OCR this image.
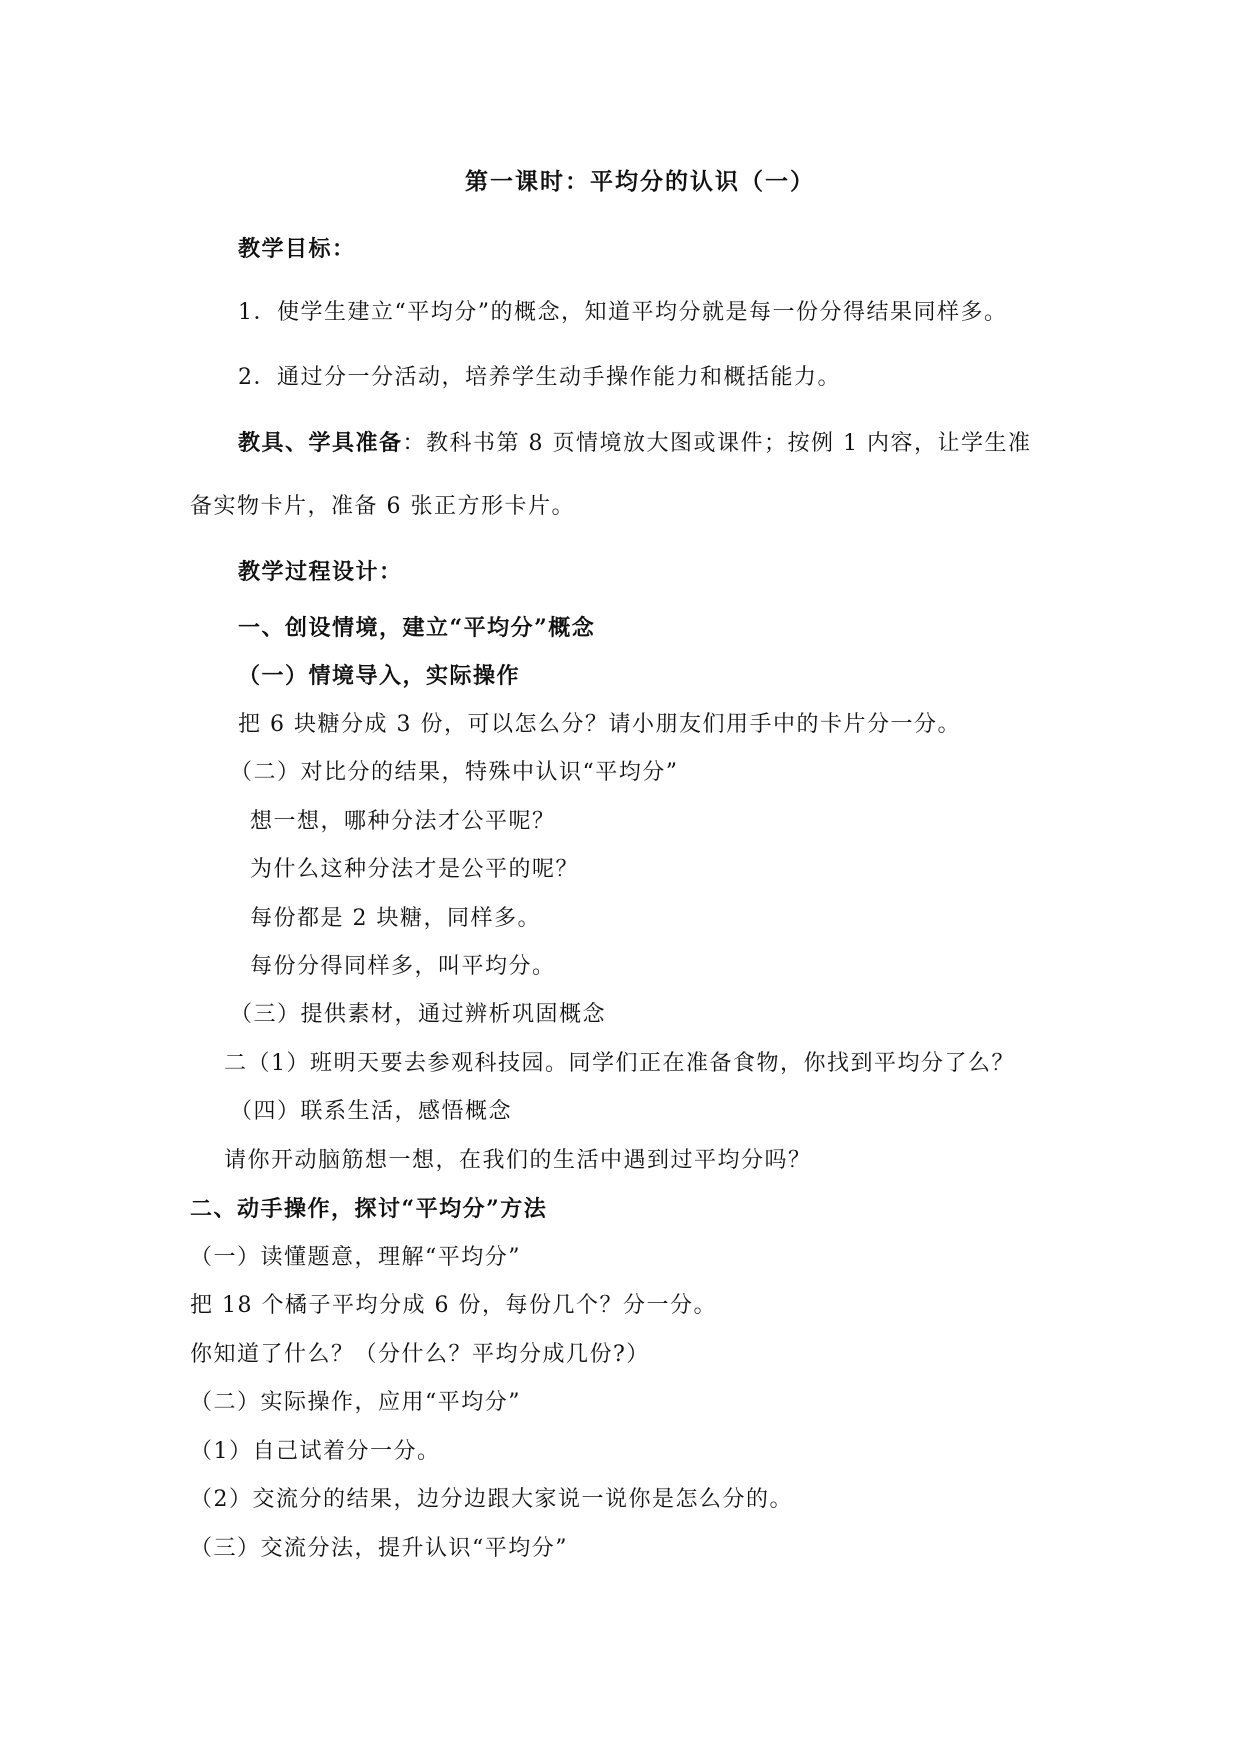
第一课时：平均分的认识（一）
教学目标：
1．使学生建立“平均分”的概念，知道平均分就是每一份分得结果同样多。
2．通过分一分活动，培养学生动手操作能力和概括能力。
教具、学具准备：教科书第 8 页情境放大图或课件；按例 1 内容，让学生准
备实物卡片，准备 6 张正方形卡片。
教学过程设计：
一、创设情境，建立“平均分”概念
（一）情境导入，实际操作
把 6 块糖分成 3 份，可以怎么分？请小朋友们用手中的卡片分一分。
（二）对比分的结果，特殊中认识“平均分”
想一想，哪种分法才公平呢？
为什么这种分法才是公平的呢？
每份都是 2 块糖，同样多。
每份分得同样多，叫平均分。
（三）提供素材，通过辨析巩固概念
二（1）班明天要去参观科技园。同学们正在准备食物，你找到平均分了么？
（四）联系生活，感悟概念
请你开动脑筋想一想，在我们的生活中遇到过平均分吗？
二、动手操作，探讨“平均分”方法
（一）读懂题意，理解“平均分”
把 18 个橘子平均分成 6 份，每份几个？分一分。
你知道了什么？（分什么？平均分成几份?）
（二）实际操作，应用“平均分”
（1）自己试着分一分。
（2）交流分的结果，边分边跟大家说一说你是怎么分的。
（三）交流分法，提升认识“平均分”
